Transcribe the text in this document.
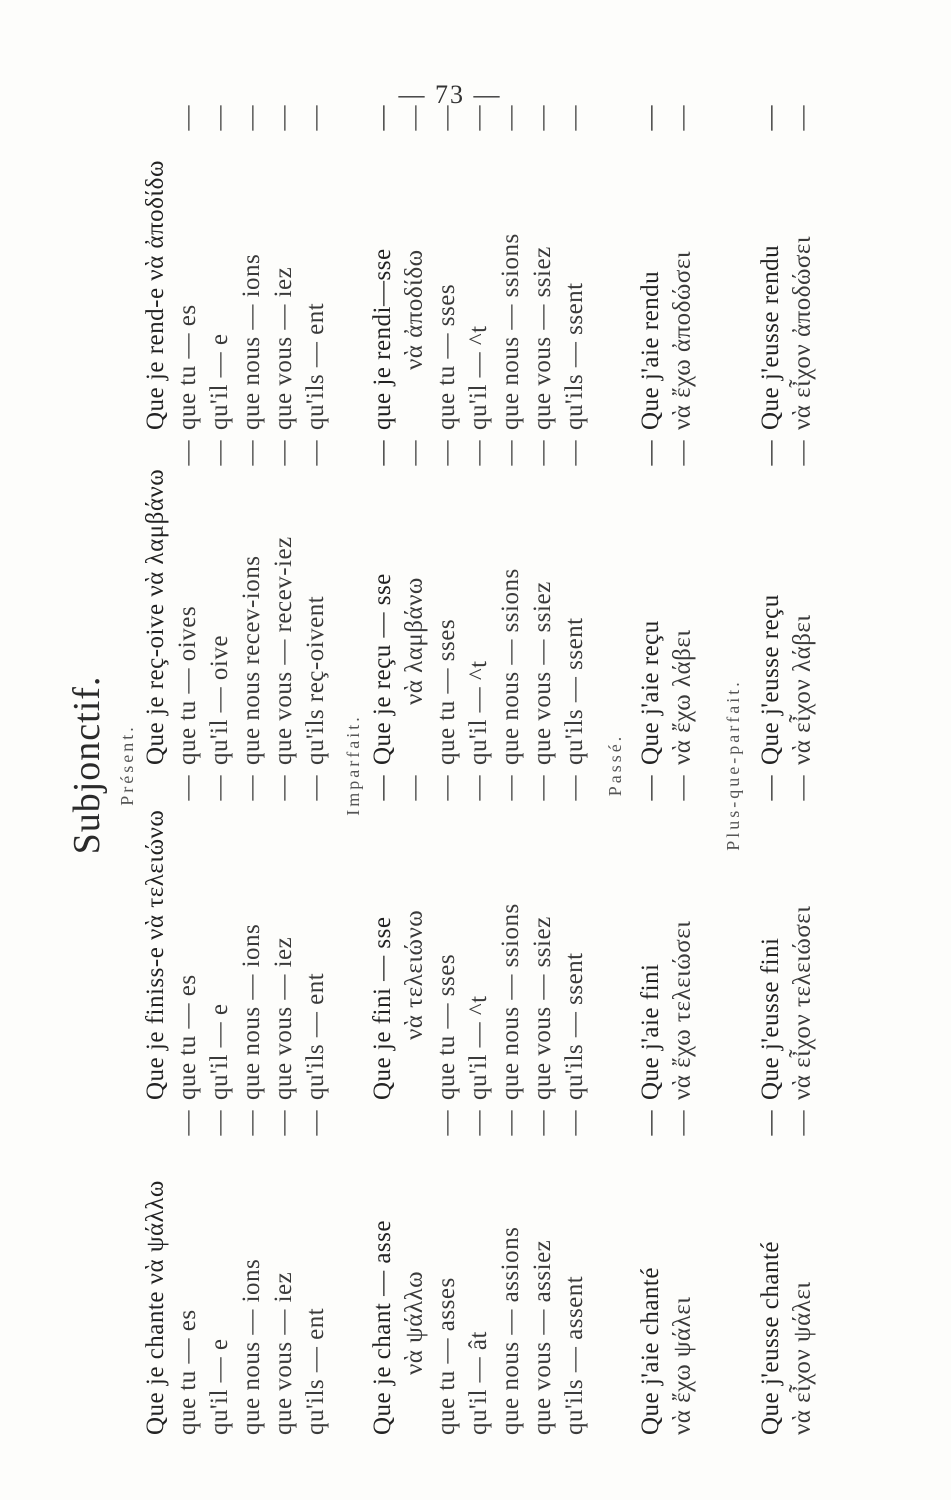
— 73 —
Subjonctif. Présent.
Que je chante νὰ ψάλλω que tu — es
—
qu'il — e
—
que nous — ions
—
que vous — iez
—
qu'ils — ent
—
Que je finiss-e νὰ τελειώνω que tu — es
—
qu'il — e
—
que nous — ions
—
que vous — iez
—
qu'ils — ent
—
Que je reç-oive νὰ λαμβάνω que tu — oives
—
qu'il — oive
—
que nous recev-ions
—
que vous — recev-iez
—
qu'ils reç-oivent
—
Que je rend-e νὰ ἀποδίδω que tu — es
—
qu'il — e
—
que nous — ions
—
que vous — iez
—
qu'ils — ent
—
Imparfait.
Que je chant — asse νὰ ψάλλω que tu — asses
—
qu'il — ât
—
que nous — assions
—
que vous — assiez
—
qu'ils — assent
—
Que je fini — sse
—
νὰ τελειώνω
—
que tu — sses
—
qu'il — ^t
—
que nous — ssions
—
que vous — ssiez
—
qu'ils — ssent
—
Que je reçu — sse
—
νὰ λαμβάνω
—
que tu — sses
—
qu'il — ^t
—
que nous — ssions
—
que vous — ssiez
—
qu'ils — ssent
—
que je rendi—sse
—
νὰ ἀποδίδω
—
que tu — sses
—
qu'il — ^t
—
que nous — ssions
—
que vous — ssiez
—
qu'ils — ssent
—
Passé.
Que j'aie chanté
—
νὰ ἔχω ψάλει
—
Que j'aie fini
—
νὰ ἔχω τελειώσει
—
Que j'aie reçu
—
νὰ ἔχω λάβει
—
Que j'aie rendu
—
νὰ ἔχω ἀποδώσει
—
Plus-que-parfait.
Que j'eusse chanté
—
νὰ εἶχον ψάλει
—
Que j'eusse fini
—
νὰ εἶχον τελειώσει
—
Que j'eusse reçu
—
νὰ εἶχον λάβει
—
Que j'eusse rendu
—
νὰ εἶχον ἀποδώσει
—
